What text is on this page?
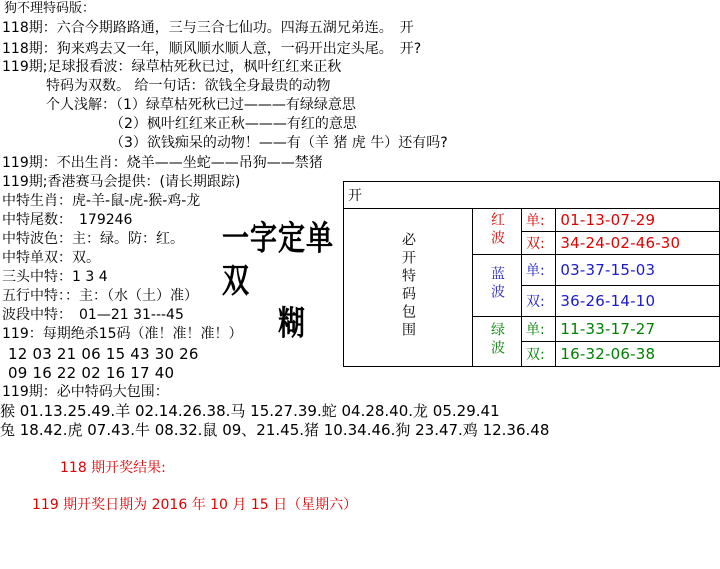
狗不理特码版：
118期：六合今期路路通，三与三合七仙功。四海五湖兄弟连。　开
118期：狗来鸡去又一年，顺风顺水顺人意，一码开出定头尾。　开?
119期;足球报看波：绿草枯死秋已过，枫叶红红来正秋
特码为双数。 给一句话：欲钱全身最贵的动物
个人浅解：（1）绿草枯死秋已过———有绿绿意思
（2）枫叶红红来正秋———有红的意思
（3）欲钱痴呆的动物！——有（羊 猪 虎 牛）还有吗?
119期：不出生肖：烧羊——坐蛇——吊狗——禁猪
119期;香港赛马会提供：(请长期跟踪)
中特生肖：虎-羊-鼠-虎-猴-鸡-龙
中特尾数：　179246
中特波色：主：绿。防：红。
中特单双：双。
三头中特：1 3 4
五行中特：：主：（水（土）准）
波段中特：　01—21 31---45
119：每期绝杀15码（准！准！准！）
12 03 21 06 15 43 30 26
09 16 22 02 16 17 40
119期：必中特码大包围：
猴 01.13.25.49.羊 02.14.26.38.马 15.27.39.蛇 04.28.40.龙 05.29.41
兔 18.42.虎 07.43.牛 08.32.鼠 09、21.45.猪 10.34.46.狗 23.47.鸡 12.36.48
118 期开奖结果:
119 期开奖日期为 2016 年 10 月 15 日（星期六）
一字定单双
糊
开			
必开特码包围	红波	单:	01-13-07-29
		双:	34-24-02-46-30
	蓝波	单:	03-37-15-03
		双:	36-26-14-10
	绿波	单:	11-33-17-27
		双:	16-32-06-38
